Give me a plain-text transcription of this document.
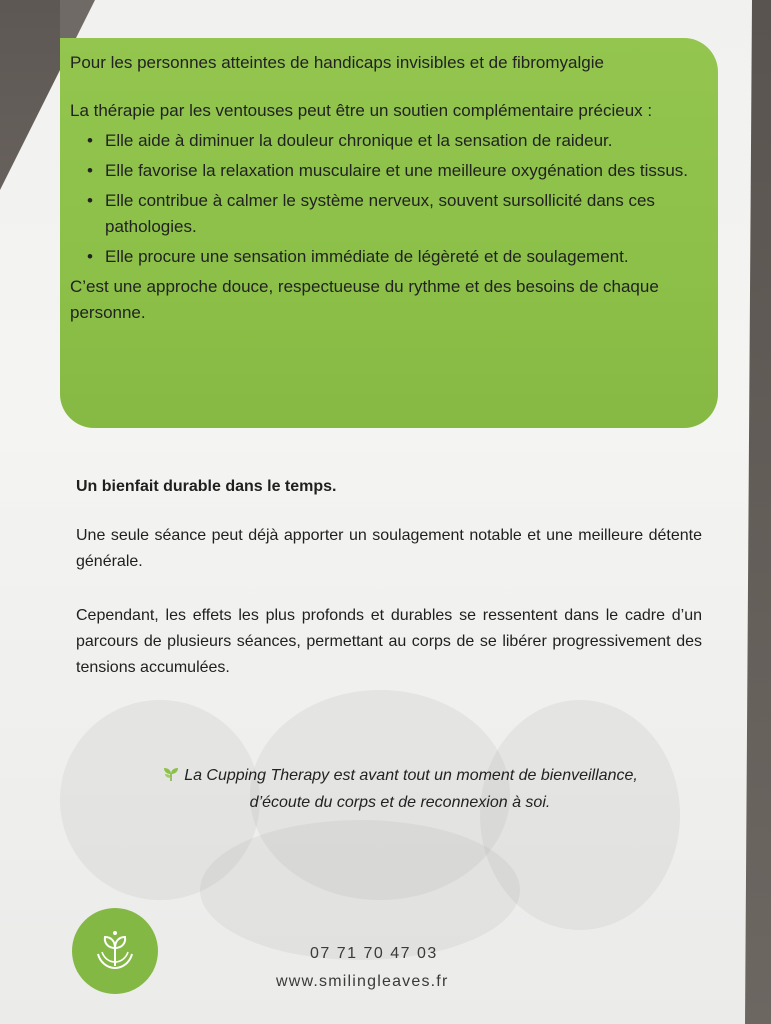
Pour les personnes atteintes de handicaps invisibles et de fibromyalgie

La thérapie par les ventouses peut être un soutien complémentaire précieux :

• Elle aide à diminuer la douleur chronique et la sensation de raideur.
• Elle favorise la relaxation musculaire et une meilleure oxygénation des tissus.
• Elle contribue à calmer le système nerveux, souvent sursollicité dans ces pathologies.
• Elle procure une sensation immédiate de légèreté et de soulagement.

C’est une approche douce, respectueuse du rythme et des besoins de chaque personne.

Un bienfait durable dans le temps.
Une seule séance peut déjà apporter un soulagement notable et une meilleure détente générale.
Cependant, les effets les plus profonds et durables se ressentent dans le cadre d’un parcours de plusieurs séances, permettant au corps de se libérer progressivement des tensions accumulées.
La Cupping Therapy est avant tout un moment de bienveillance, d’écoute du corps et de reconnexion à soi.
07 71 70 47 03
www.smilingleaves.fr
